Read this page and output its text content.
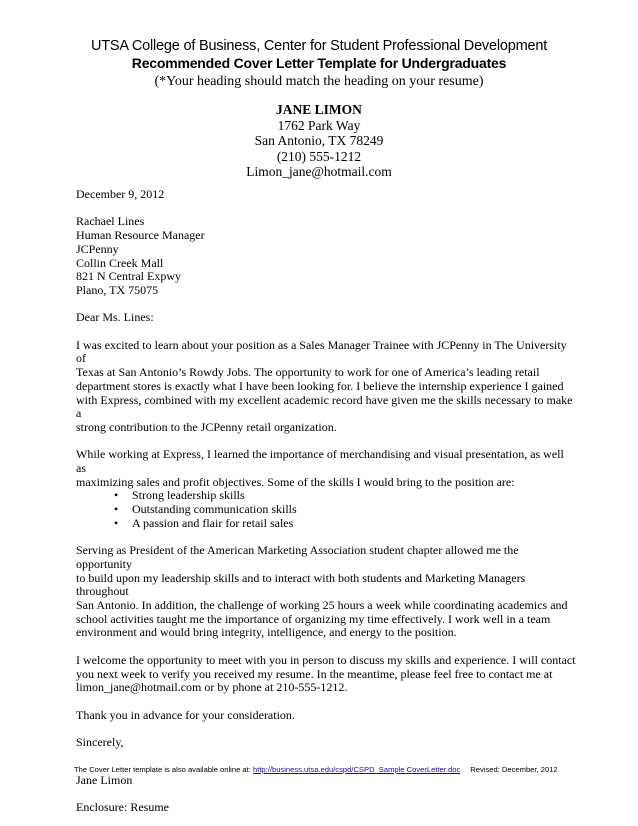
UTSA College of Business, Center for Student Professional Development
Recommended Cover Letter Template for Undergraduates
(*Your heading should match the heading on your resume)
JANE LIMON
1762 Park Way
San Antonio, TX 78249
(210) 555-1212
Limon_jane@hotmail.com

December 9, 2012

Rachael Lines

Human Resource Manager

JCPenny

Collin Creek Mall

821 N Central Expwy

Plano, TX 75075

Dear Ms. Lines:

I was excited to learn about your position as a Sales Manager Trainee with JCPenny in The University of

Texas at San Antonio’s Rowdy Jobs. The opportunity to work for one of America’s leading retail

department stores is exactly what I have been looking for. I believe the internship experience I gained

with Express, combined with my excellent academic record have given me the skills necessary to make a

strong contribution to the JCPenny retail organization.

While working at Express, I learned the importance of merchandising and visual presentation, as well as

maximizing sales and profit objectives. Some of the skills I would bring to the position are:

• Strong leadership skills
• Outstanding communication skills
• A passion and flair for retail sales

Serving as President of the American Marketing Association student chapter allowed me the opportunity

to build upon my leadership skills and to interact with both students and Marketing Managers throughout

San Antonio. In addition, the challenge of working 25 hours a week while coordinating academics and

school activities taught me the importance of organizing my time effectively. I work well in a team

environment and would bring integrity, intelligence, and energy to the position.

I welcome the opportunity to meet with you in person to discuss my skills and experience. I will contact

you next week to verify you received my resume. In the meantime, please feel free to contact me at

limon_jane@hotmail.com or by phone at 210-555-1212.

Thank you in advance for your consideration.

Sincerely,

Jane Limon

Enclosure: Resume

The Cover Letter template is also available online at: http://business.utsa.edu/cspd/CSPD_Sample CoverLetter.doc Revised: December, 2012
